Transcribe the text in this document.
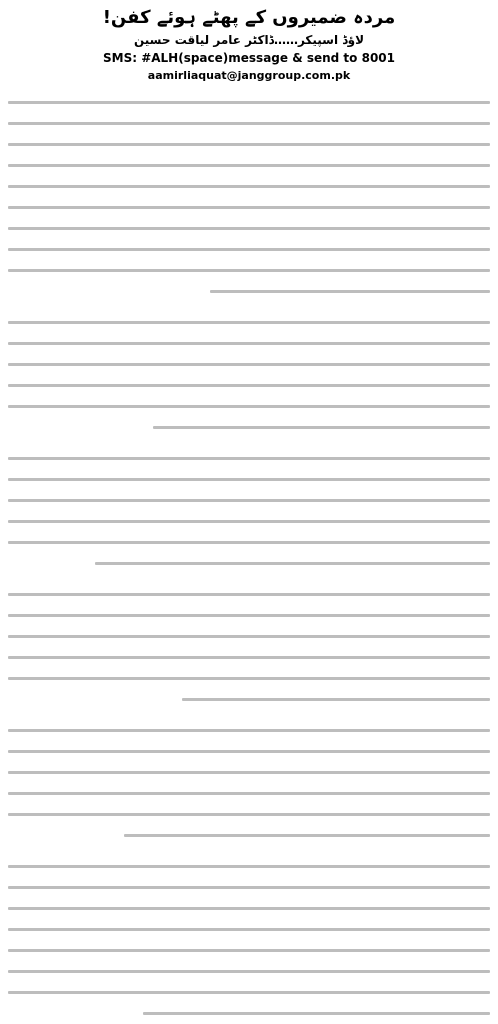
مردہ ضمیروں کے پھٹے ہوئے کفن!
لاؤڈ اسپیکر……ڈاکٹر عامر لیاقت حسین
SMS: #ALH(space)message & send to 8001
aamirliaquat@janggroup.com.pk
